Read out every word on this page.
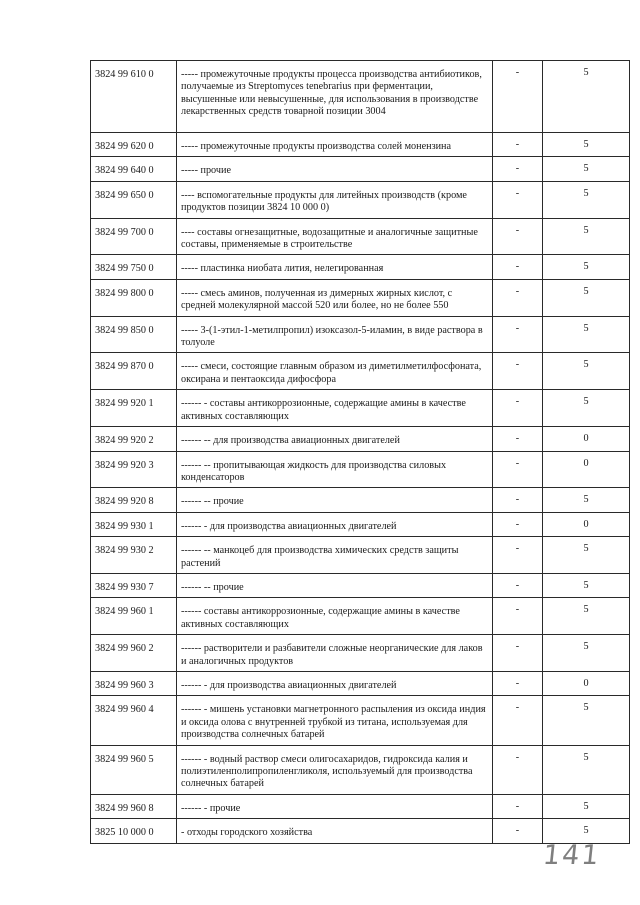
3824 99 610 0	----- промежуточные продукты процесса производства антибиотиков, получаемые из Streptomyces tenebrarius при ферментации, высушенные или невысушенные, для использования в производстве лекарственных средств товарной позиции 3004	-	5
3824 99 620 0	----- промежуточные продукты производства солей монензина	-	5
3824 99 640 0	----- прочие	-	5
3824 99 650 0	---- вспомогательные продукты для литейных производств (кроме продуктов позиции 3824 10 000 0)	-	5
3824 99 700 0	---- составы огнезащитные, водозащитные и аналогичные защитные составы, применяемые в строительстве	-	5
3824 99 750 0	----- пластинка ниобата лития, нелегированная	-	5
3824 99 800 0	----- смесь аминов, полученная из димерных жирных кислот, с средней молекулярной массой 520 или более, но не более 550	-	5
3824 99 850 0	----- 3-(1-этил-1-метилпропил) изоксазол-5-иламин, в виде раствора в толуоле	-	5
3824 99 870 0	----- смеси, состоящие главным образом из диметилметилфосфоната, оксирана и пентаоксида дифосфора	-	5
3824 99 920 1	------ - составы антикоррозионные, содержащие амины в качестве активных составляющих	-	5
3824 99 920 2	------ -- для производства авиационных двигателей	-	0
3824 99 920 3	------ -- пропитывающая жидкость для производства силовых конденсаторов	-	0
3824 99 920 8	------ -- прочие	-	5
3824 99 930 1	------ - для производства авиационных двигателей	-	0
3824 99 930 2	------ -- манкоцеб для производства химических средств защиты растений	-	5
3824 99 930 7	------ -- прочие	-	5
3824 99 960 1	------ составы антикоррозионные, содержащие амины в качестве активных составляющих	-	5
3824 99 960 2	------ растворители и разбавители сложные неорганические для лаков и аналогичных продуктов	-	5
3824 99 960 3	------ - для производства авиационных двигателей	-	0
3824 99 960 4	------ - мишень установки магнетронного распыления из оксида индия и оксида олова с внутренней трубкой из титана, используемая для производства солнечных батарей	-	5
3824 99 960 5	------ - водный раствор смеси олигосахаридов, гидроксида калия и полиэтиленполипропиленгликоля, используемый для производства солнечных батарей	-	5
3824 99 960 8	------ - прочие	-	5
3825 10 000 0	- отходы городского хозяйства	-	5
141
